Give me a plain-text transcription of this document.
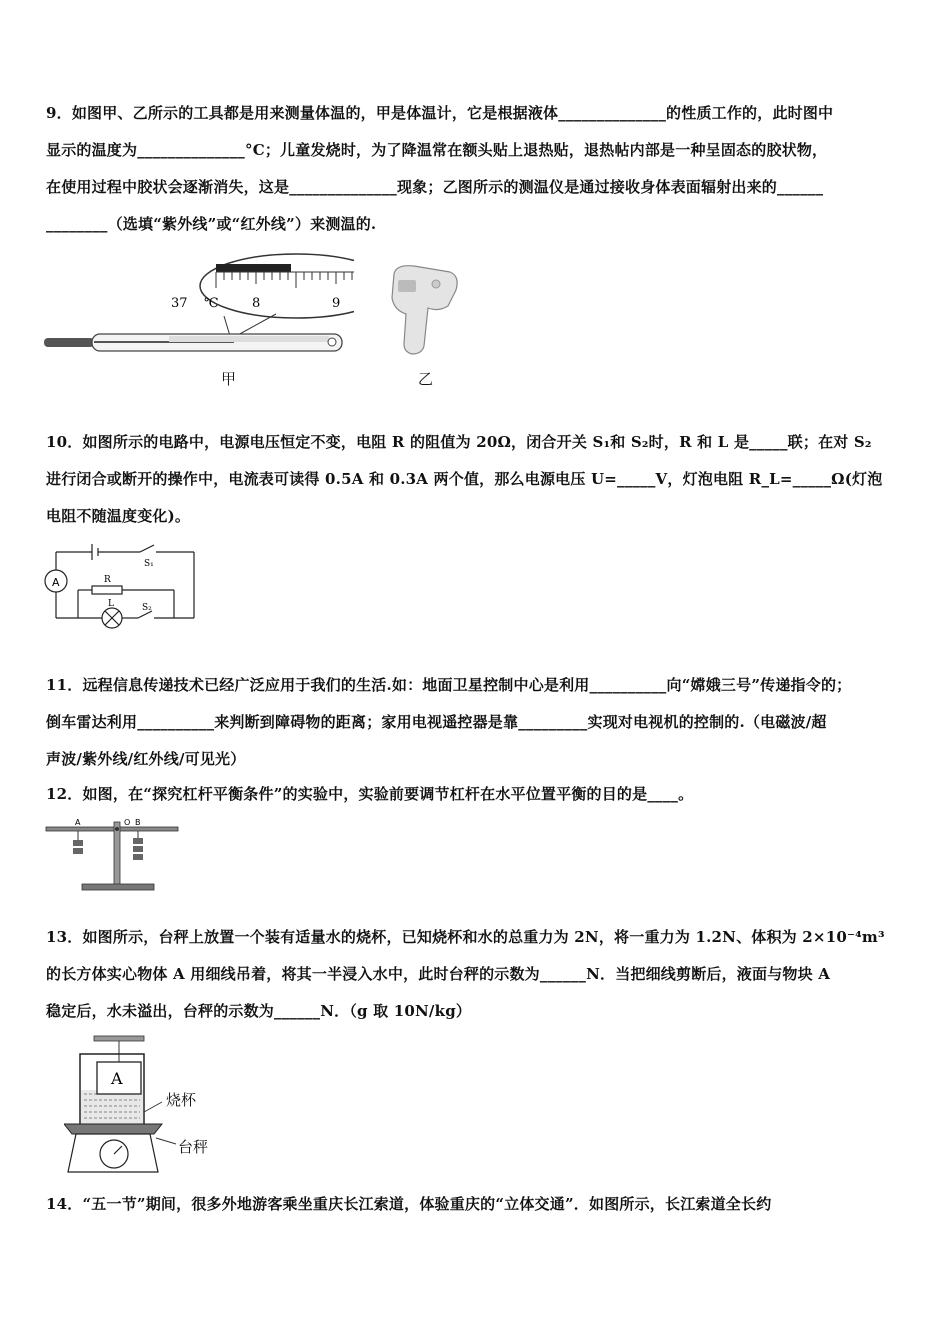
9．如图甲、乙所示的工具都是用来测量体温的，甲是体温计，它是根据液体______________的性质工作的，此时图中
显示的温度为______________°C；儿童发烧时，为了降温常在额头贴上退热贴，退热帖内部是一种呈固态的胶状物，
在使用过程中胶状会逐渐消失，这是______________现象；乙图所示的测温仪是通过接收身体表面辐射出来的______
________（选填“紫外线”或“红外线”）来测温的.
37 ℃	8	9
甲	乙
10．如图所示的电路中，电源电压恒定不变，电阻 R 的阻值为 20Ω，闭合开关 S₁和 S₂时，R 和 L 是_____联；在对 S₂
进行闭合或断开的操作中，电流表可读得 0.5A 和 0.3A 两个值，那么电源电压 U=_____V，灯泡电阻 R_L=_____Ω(灯泡
电阻不随温度变化)。
A	R
L
S₁
S₂
11．远程信息传递技术已经广泛应用于我们的生活.如：地面卫星控制中心是利用__________向“嫦娥三号”传递指令的；
倒车雷达利用__________来判断到障碍物的距离；家用电视遥控器是靠_________实现对电视机的控制的.（电磁波/超
声波/紫外线/红外线/可见光）
12．如图，在“探究杠杆平衡条件”的实验中，实验前要调节杠杆在水平位置平衡的目的是____。
A	O B
13．如图所示，台秤上放置一个装有适量水的烧杯，已知烧杯和水的总重力为 2N，将一重力为 1.2N、体积为 2×10⁻⁴m³
的长方体实心物体 A 用细线吊着，将其一半浸入水中，此时台秤的示数为______N．当把细线剪断后，液面与物块 A
稳定后，水未溢出，台秤的示数为______N．（g 取 10N/kg）
A
烧杯
台秤
14．“五一节”期间，很多外地游客乘坐重庆长江索道，体验重庆的“立体交通”．如图所示，长江索道全长约
